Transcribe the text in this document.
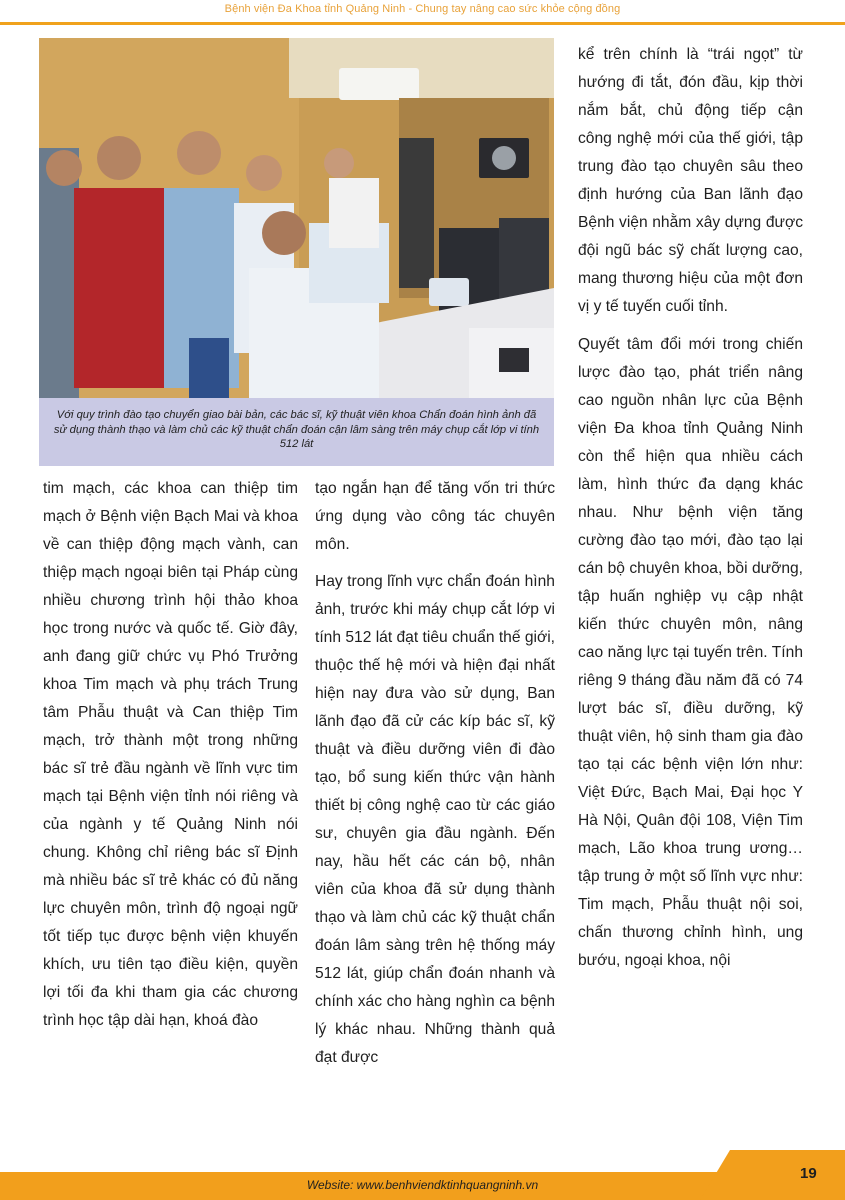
Bệnh viện Đa Khoa tỉnh Quảng Ninh - Chung tay nâng cao sức khỏe cộng đồng
Với quy trình đào tạo chuyển giao bài bản, các bác sĩ, kỹ thuật viên khoa Chẩn đoán hình ảnh đã sử dụng thành thạo và làm chủ các kỹ thuật chẩn đoán cận lâm sàng trên máy chụp cắt lớp vi tính 512 lát

tim mạch, các khoa can thiệp tim mạch ở Bệnh viện Bạch Mai và khoa về can thiệp động mạch vành, can thiệp mạch ngoại biên tại Pháp cùng nhiều chương trình hội thảo khoa học trong nước và quốc tế. Giờ đây, anh đang giữ chức vụ Phó Trưởng khoa Tim mạch và phụ trách Trung tâm Phẫu thuật và Can thiệp Tim mạch, trở thành một trong những bác sĩ trẻ đầu ngành về lĩnh vực tim mạch tại Bệnh viện tỉnh nói riêng và của ngành y tế Quảng Ninh nói chung. Không chỉ riêng bác sĩ Định mà nhiều bác sĩ trẻ khác có đủ năng lực chuyên môn, trình độ ngoại ngữ tốt tiếp tục được bệnh viện khuyến khích, ưu tiên tạo điều kiện, quyền lợi tối đa khi tham gia các chương trình học tập dài hạn, khoá đào

tạo ngắn hạn để tăng vốn tri thức ứng dụng vào công tác chuyên môn.

Hay trong lĩnh vực chẩn đoán hình ảnh, trước khi máy chụp cắt lớp vi tính 512 lát đạt tiêu chuẩn thế giới, thuộc thế hệ mới và hiện đại nhất hiện nay đưa vào sử dụng, Ban lãnh đạo đã cử các kíp bác sĩ, kỹ thuật và điều dưỡng viên đi đào tạo, bổ sung kiến thức vận hành thiết bị công nghệ cao từ các giáo sư, chuyên gia đầu ngành. Đến nay, hầu hết các cán bộ, nhân viên của khoa đã sử dụng thành thạo và làm chủ các kỹ thuật chẩn đoán lâm sàng trên hệ thống máy 512 lát, giúp chẩn đoán nhanh và chính xác cho hàng nghìn ca bệnh lý khác nhau. Những thành quả đạt được

kể trên chính là “trái ngọt” từ hướng đi tắt, đón đầu, kịp thời nắm bắt, chủ động tiếp cận công nghệ mới của thế giới, tập trung đào tạo chuyên sâu theo định hướng của Ban lãnh đạo Bệnh viện nhằm xây dựng được đội ngũ bác sỹ chất lượng cao, mang thương hiệu của một đơn vị y tế tuyến cuối tỉnh.

Quyết tâm đổi mới trong chiến lược đào tạo, phát triển nâng cao nguồn nhân lực của Bệnh viện Đa khoa tỉnh Quảng Ninh còn thể hiện qua nhiều cách làm, hình thức đa dạng khác nhau. Như bệnh viện tăng cường đào tạo mới, đào tạo lại cán bộ chuyên khoa, bồi dưỡng, tập huấn nghiệp vụ cập nhật kiến thức chuyên môn, nâng cao năng lực tại tuyến trên. Tính riêng 9 tháng đầu năm đã có 74 lượt bác sĩ, điều dưỡng, kỹ thuật viên, hộ sinh tham gia đào tạo tại các bệnh viện lớn như: Việt Đức, Bạch Mai, Đại học Y Hà Nội, Quân đội 108, Viện Tim mạch, Lão khoa trung ương… tập trung ở một số lĩnh vực như: Tim mạch, Phẫu thuật nội soi, chấn thương chỉnh hình, ung bướu, ngoại khoa, nội

19
Website: www.benhviendktinhquangninh.vn
